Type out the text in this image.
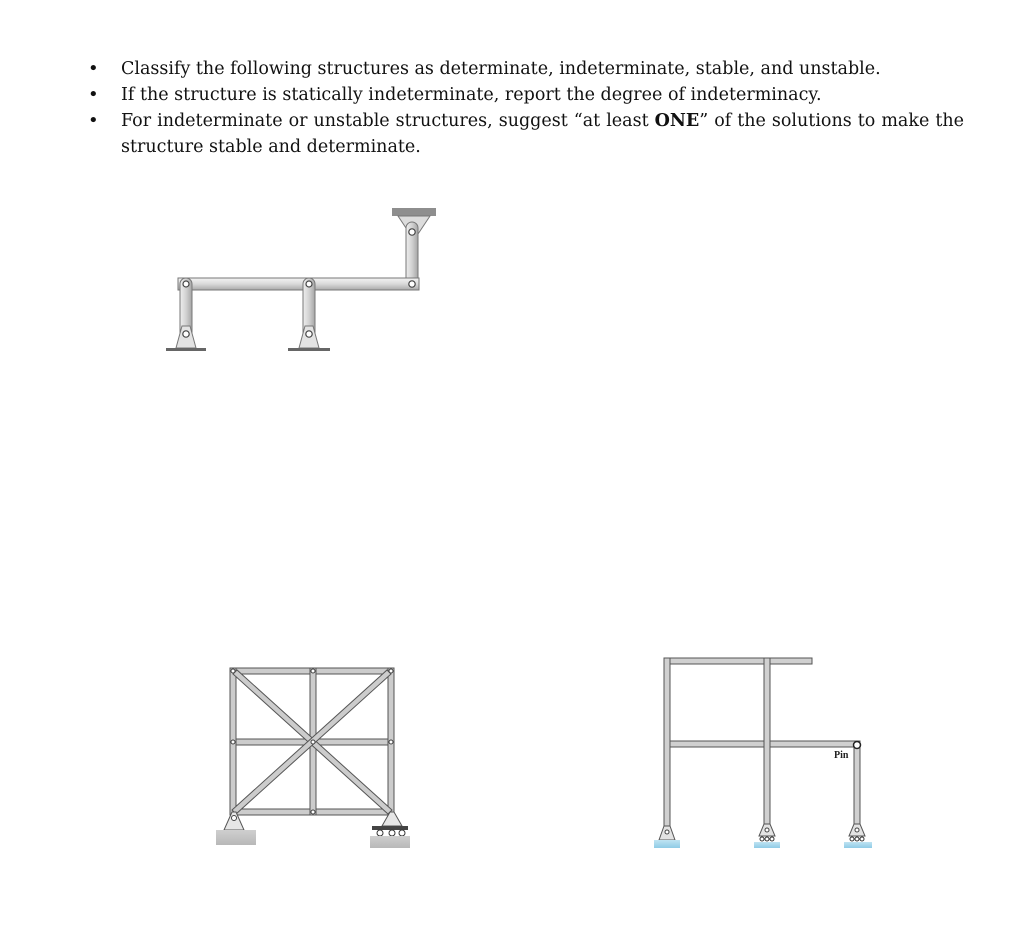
• Classify the following structures as determinate, indeterminate, stable, and unstable.
• If the structure is statically indeterminate, report the degree of indeterminacy.
• For indeterminate or unstable structures, suggest “at least ONE” of the solutions to make the structure stable and determinate.
Pin
